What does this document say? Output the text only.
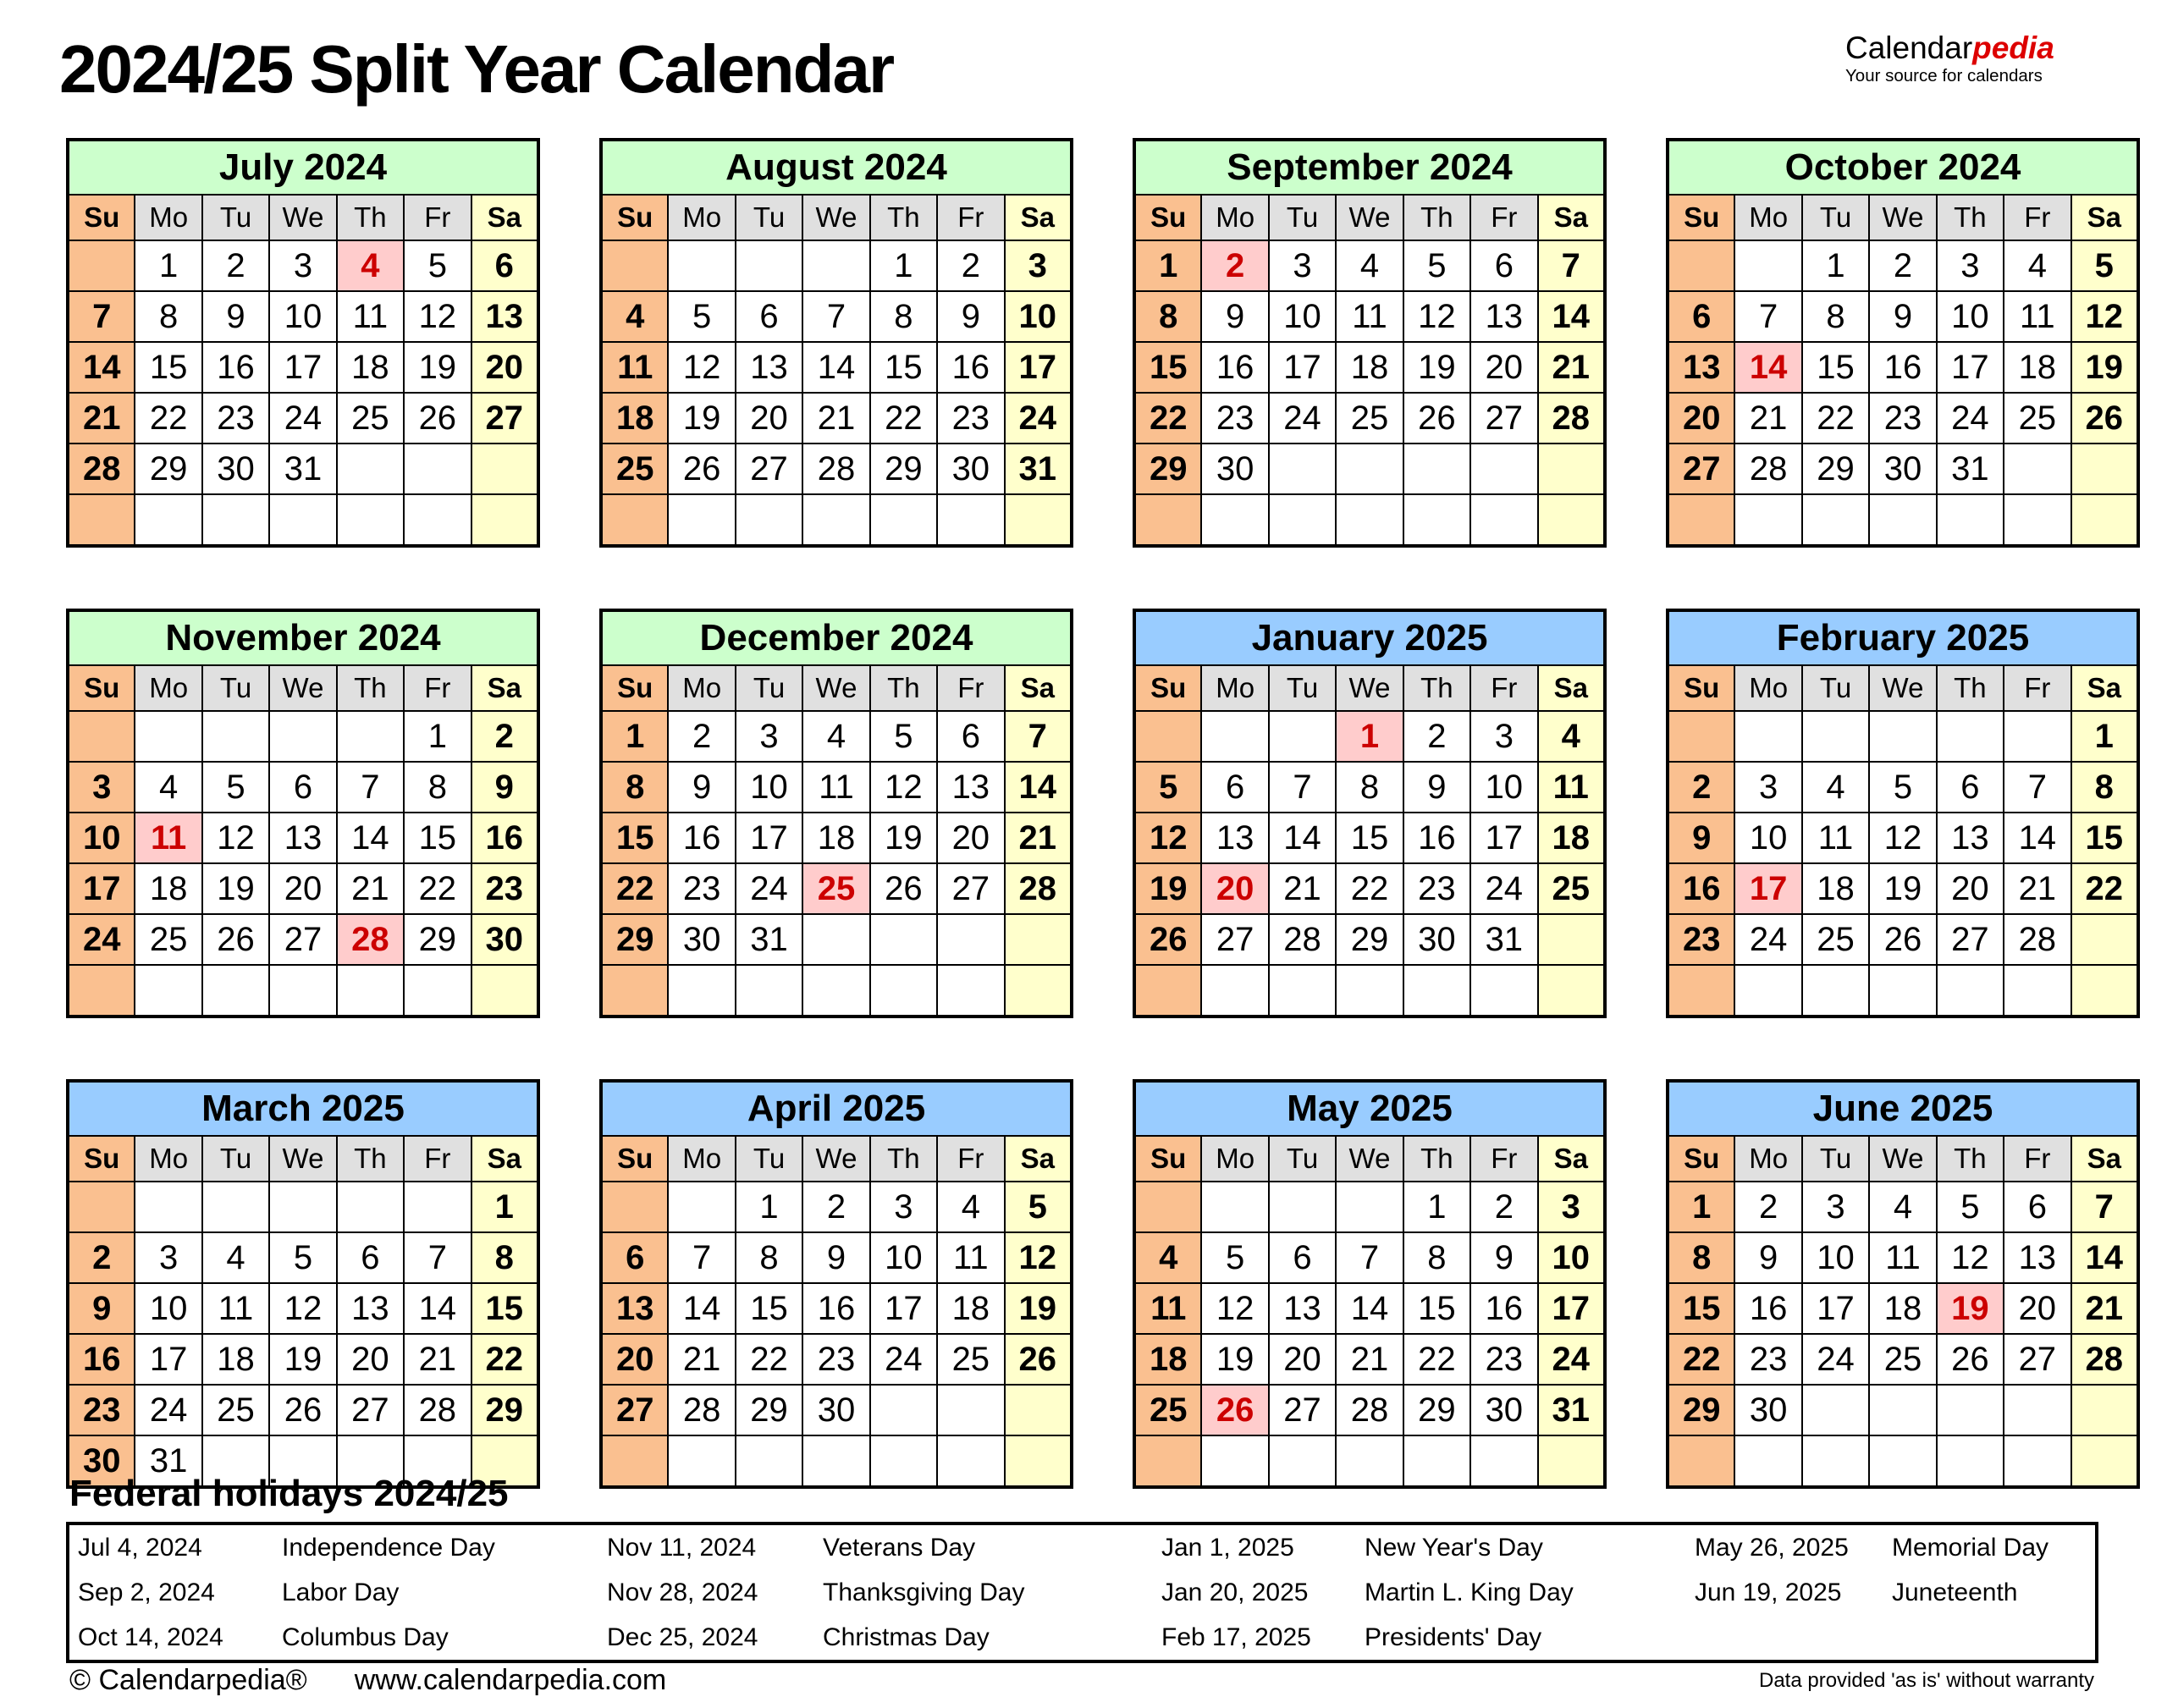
2024/25 Split Year Calendar	Calendarpedia
Your source for calendars
July 2024						
Su	Mo	Tu	We	Th	Fr	Sa
	1	2	3	4	5	6
7	8	9	10	11	12	13
14	15	16	17	18	19	20
21	22	23	24	25	26	27
28	29	30	31			

August 2024						
Su	Mo	Tu	We	Th	Fr	Sa
				1	2	3
4	5	6	7	8	9	10
11	12	13	14	15	16	17
18	19	20	21	22	23	24
25	26	27	28	29	30	31

September 2024						
Su	Mo	Tu	We	Th	Fr	Sa
1	2	3	4	5	6	7
8	9	10	11	12	13	14
15	16	17	18	19	20	21
22	23	24	25	26	27	28
29	30					

October 2024						
Su	Mo	Tu	We	Th	Fr	Sa
		1	2	3	4	5
6	7	8	9	10	11	12
13	14	15	16	17	18	19
20	21	22	23	24	25	26
27	28	29	30	31		

November 2024						
Su	Mo	Tu	We	Th	Fr	Sa
					1	2
3	4	5	6	7	8	9
10	11	12	13	14	15	16
17	18	19	20	21	22	23
24	25	26	27	28	29	30

December 2024						
Su	Mo	Tu	We	Th	Fr	Sa
1	2	3	4	5	6	7
8	9	10	11	12	13	14
15	16	17	18	19	20	21
22	23	24	25	26	27	28
29	30	31				

January 2025						
Su	Mo	Tu	We	Th	Fr	Sa
			1	2	3	4
5	6	7	8	9	10	11
12	13	14	15	16	17	18
19	20	21	22	23	24	25
26	27	28	29	30	31	

February 2025						
Su	Mo	Tu	We	Th	Fr	Sa
						1
2	3	4	5	6	7	8
9	10	11	12	13	14	15
16	17	18	19	20	21	22
23	24	25	26	27	28	

March 2025						
Su	Mo	Tu	We	Th	Fr	Sa
						1
2	3	4	5	6	7	8
9	10	11	12	13	14	15
16	17	18	19	20	21	22
23	24	25	26	27	28	29
30	31					
April 2025						
Su	Mo	Tu	We	Th	Fr	Sa
		1	2	3	4	5
6	7	8	9	10	11	12
13	14	15	16	17	18	19
20	21	22	23	24	25	26
27	28	29	30			

May 2025						
Su	Mo	Tu	We	Th	Fr	Sa
				1	2	3
4	5	6	7	8	9	10
11	12	13	14	15	16	17
18	19	20	21	22	23	24
25	26	27	28	29	30	31

June 2025						
Su	Mo	Tu	We	Th	Fr	Sa
1	2	3	4	5	6	7
8	9	10	11	12	13	14
15	16	17	18	19	20	21
22	23	24	25	26	27	28
29	30					

Federal holidays 2024/25
Jul 4, 2024	Independence Day	Nov 11, 2024	Veterans Day	Jan 1, 2025	New Year's Day	May 26, 2025	Memorial Day
Sep 2, 2024	Labor Day	Nov 28, 2024	Thanksgiving Day	Jan 20, 2025	Martin L. King Day	Jun 19, 2025	Juneteenth
Oct 14, 2024	Columbus Day	Dec 25, 2024	Christmas Day	Feb 17, 2025	Presidents' Day		
© Calendarpedia® www.calendarpedia.com	Data provided 'as is' without warranty
